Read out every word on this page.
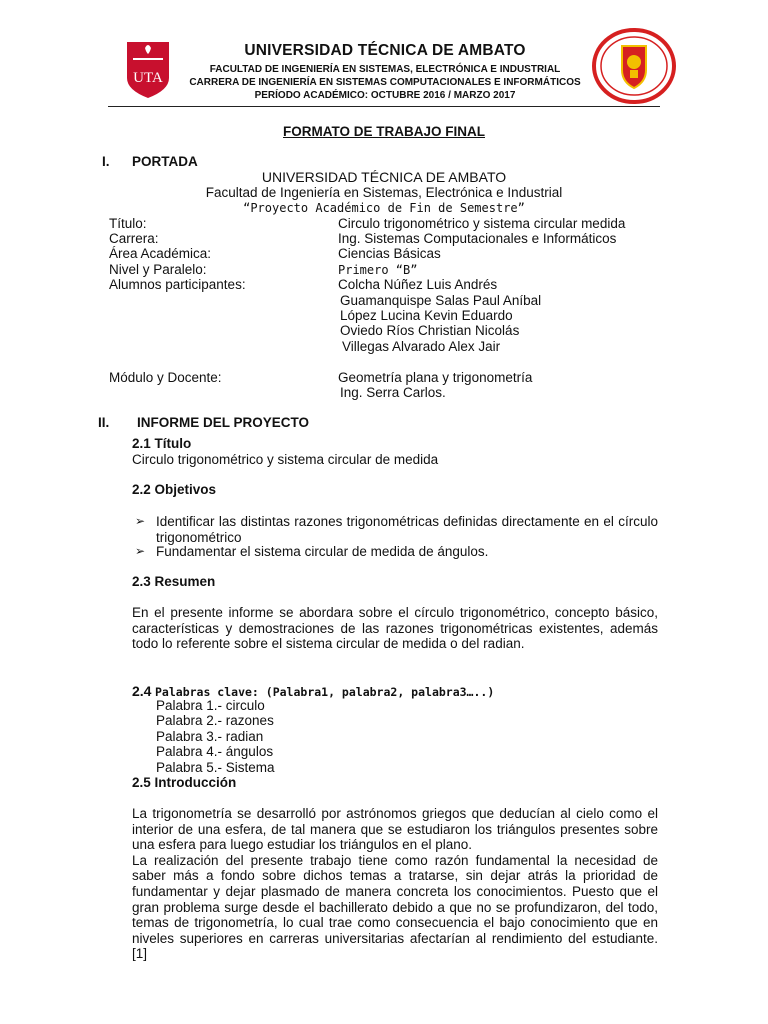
UTA
UNIVERSIDAD TÉCNICA DE AMBATO
FACULTAD DE INGENIERÍA EN SISTEMAS, ELECTRÓNICA E INDUSTRIAL
CARRERA DE INGENIERÍA EN SISTEMAS COMPUTACIONALES E INFORMÁTICOS
PERÍODO ACADÉMICO: OCTUBRE 2016 / MARZO 2017
FORMATO DE TRABAJO FINAL
I. PORTADA
UNIVERSIDAD TÉCNICA DE AMBATO
Facultad de Ingeniería en Sistemas, Electrónica e Industrial
“Proyecto Académico de Fin de Semestre”
Título:	Circulo trigonométrico y sistema circular medida
Carrera:	Ing. Sistemas Computacionales e Informáticos
Área Académica:	Ciencias Básicas
Nivel y Paralelo:	Primero “B”
Alumnos participantes:	Colcha Núñez Luis Andrés
Guamanquispe Salas Paul Aníbal
López Lucina Kevin Eduardo
Oviedo Ríos Christian Nicolás
Villegas Alvarado Alex Jair
Módulo y Docente:	Geometría plana y trigonometría
Ing. Serra Carlos.
II. INFORME DEL PROYECTO
2.1 Título
Circulo trigonométrico y sistema circular de medida
2.2 Objetivos
➢ Identificar las distintas razones trigonométricas definidas directamente en el círculo trigonométrico
➢ Fundamentar el sistema circular de medida de ángulos.
2.3 Resumen
En el presente informe se abordara sobre el círculo trigonométrico, concepto básico, características y demostraciones de las razones trigonométricas existentes, además todo lo referente sobre el sistema circular de medida o del radian.
2.4 Palabras clave: (Palabra1, palabra2, palabra3…..)
Palabra 1.- circulo
Palabra 2.- razones
Palabra 3.- radian
Palabra 4.- ángulos
Palabra 5.- Sistema
2.5 Introducción

La trigonometría se desarrolló por astrónomos griegos que deducían al cielo como el interior de una esfera, de tal manera que se estudiaron los triángulos presentes sobre una esfera para luego estudiar los triángulos en el plano.

La realización del presente trabajo tiene como razón fundamental la necesidad de saber más a fondo sobre dichos temas a tratarse, sin dejar atrás la prioridad de fundamentar y dejar plasmado de manera concreta los conocimientos. Puesto que el gran problema surge desde el bachillerato debido a que no se profundizaron, del todo, temas de trigonometría, lo cual trae como consecuencia el bajo conocimiento que en niveles superiores en carreras universitarias afectarían al rendimiento del estudiante. [1]
